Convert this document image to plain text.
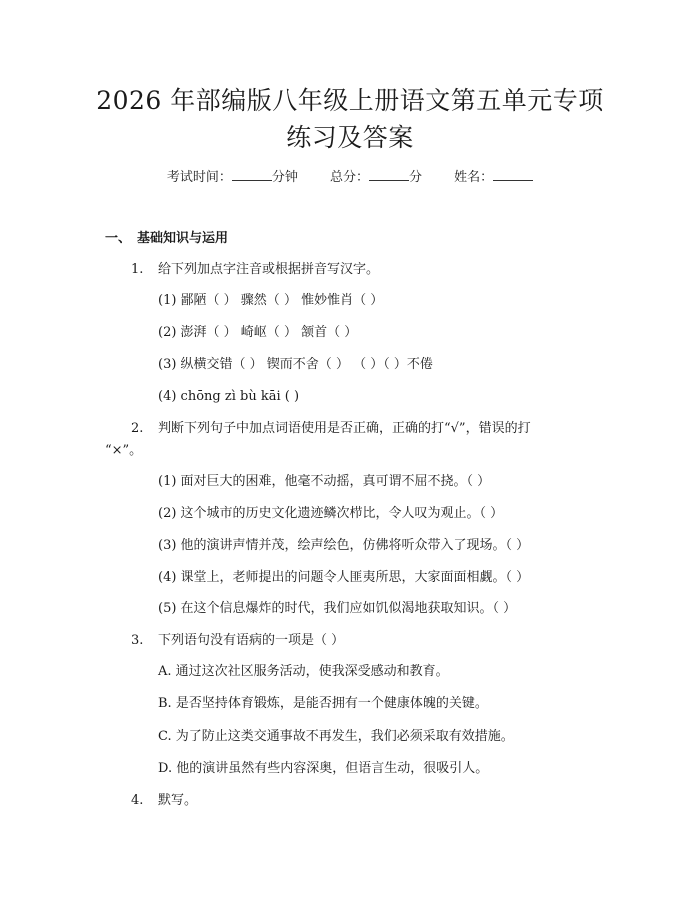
2026 年部编版八年级上册语文第五单元专项
练习及答案
考试时间：	分钟 总分：	分 姓名：
一、 基础知识与运用
1. 给下列加点字注音或根据拼音写汉字。
(1) 鄙陋（ ） 骤然（ ） 惟妙惟肖（ ）
(2) 澎湃（ ） 崎岖（ ） 颔首（ ）
(3) 纵横交错（ ） 锲而不舍（ ） （ ）（ ）不倦
(4) chōng zì bù kāi ( )
2. 判断下列句子中加点词语使用是否正确，正确的打“√”，错误的打
“×”。
(1) 面对巨大的困难，他毫不动摇，真可谓不屈不挠。（ ）
(2) 这个城市的历史文化遗迹鳞次栉比，令人叹为观止。（ ）
(3) 他的演讲声情并茂，绘声绘色，仿佛将听众带入了现场。（ ）
(4) 课堂上，老师提出的问题令人匪夷所思，大家面面相觑。（ ）
(5) 在这个信息爆炸的时代，我们应如饥似渴地获取知识。（ ）
3. 下列语句没有语病的一项是（ ）
A. 通过这次社区服务活动，使我深受感动和教育。
B. 是否坚持体育锻炼，是能否拥有一个健康体魄的关键。
C. 为了防止这类交通事故不再发生，我们必须采取有效措施。
D. 他的演讲虽然有些内容深奥，但语言生动，很吸引人。
4. 默写。
